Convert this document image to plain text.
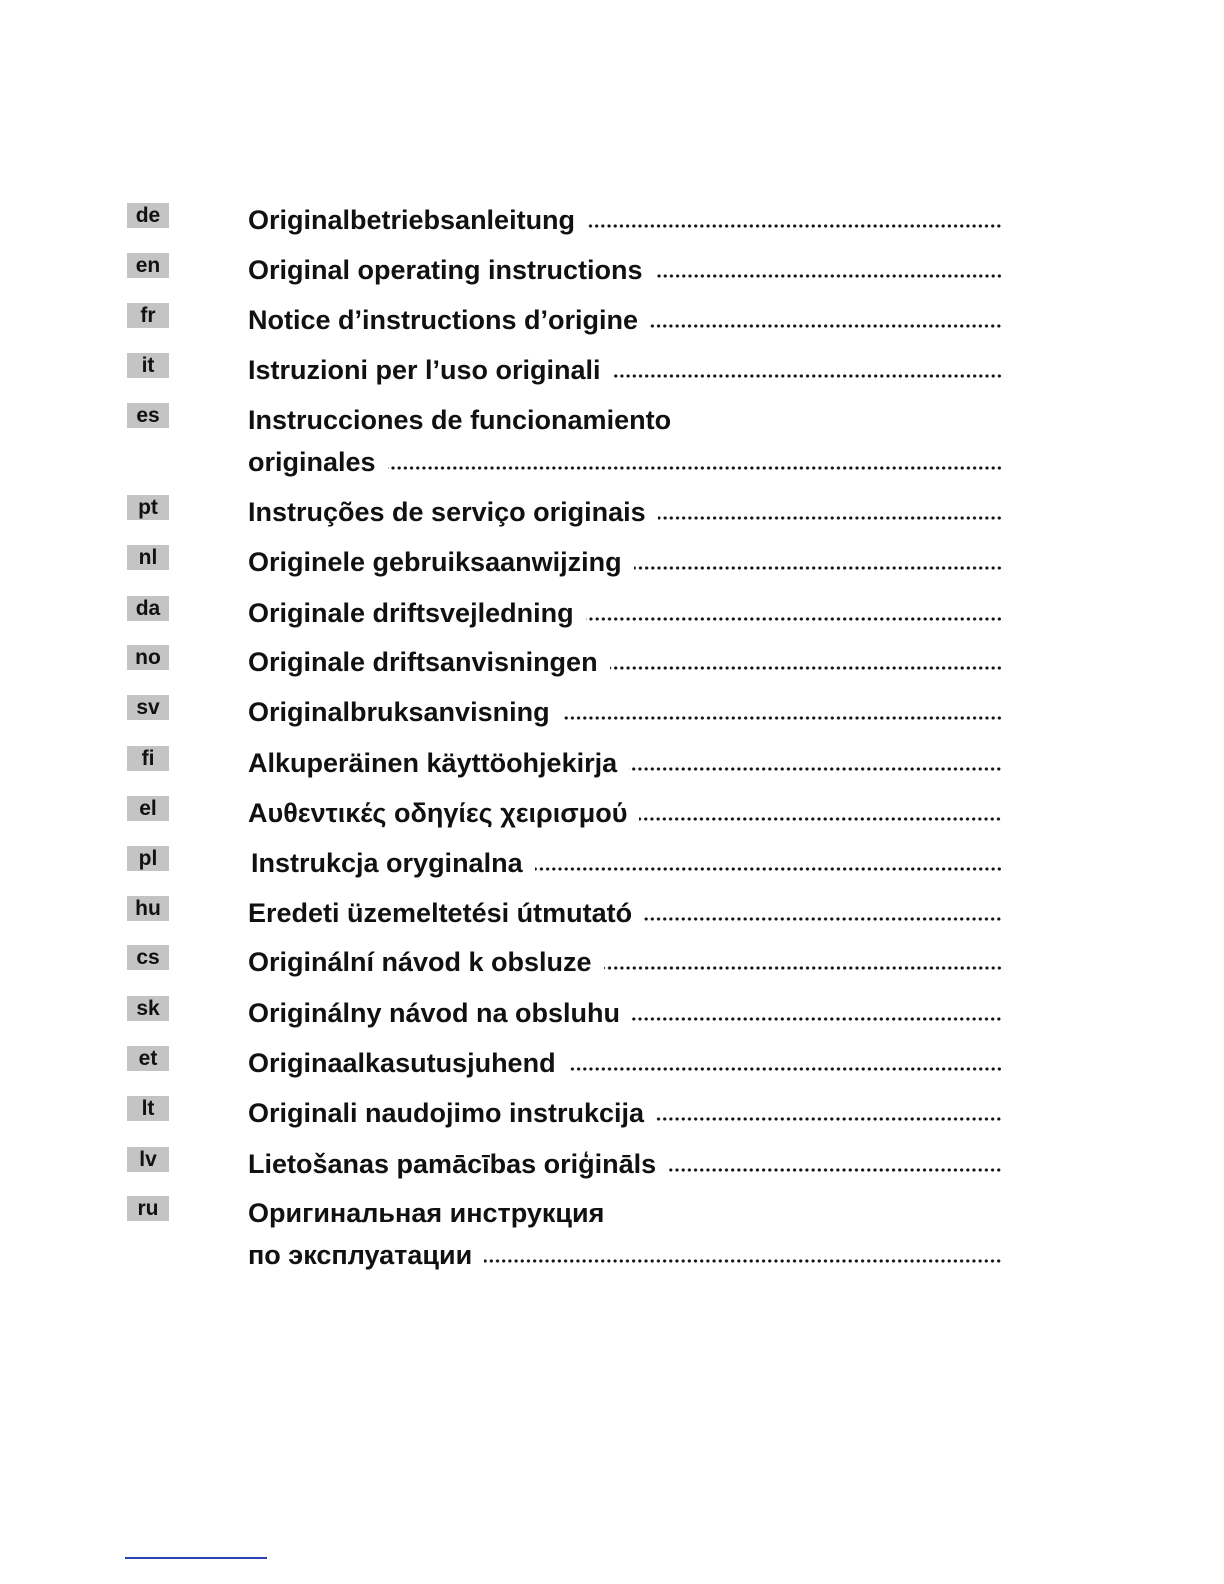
de	Originalbetriebsanleitung
en	Original operating instructions
fr	Notice d’instructions d’origine
it	Istruzioni per l’uso originali
es	Instrucciones de funcionamiento
originales
pt	Instruções de serviço originais
nl	Originele gebruiksaanwijzing
da	Originale driftsvejledning
no	Originale driftsanvisningen
sv	Originalbruksanvisning
fi	Alkuperäinen käyttöohjekirja
el	Αυθεντικές οδηγίες χειρισμού
pl	Instrukcja oryginalna
hu	Eredeti üzemeltetési útmutató
cs	Originální návod k obsluze
sk	Originálny návod na obsluhu
et	Originaalkasutusjuhend
lt	Originali naudojimo instrukcija
lv	Lietošanas pamācības oriģināls
ru	Оригинальная инструкция
по эксплуатации
